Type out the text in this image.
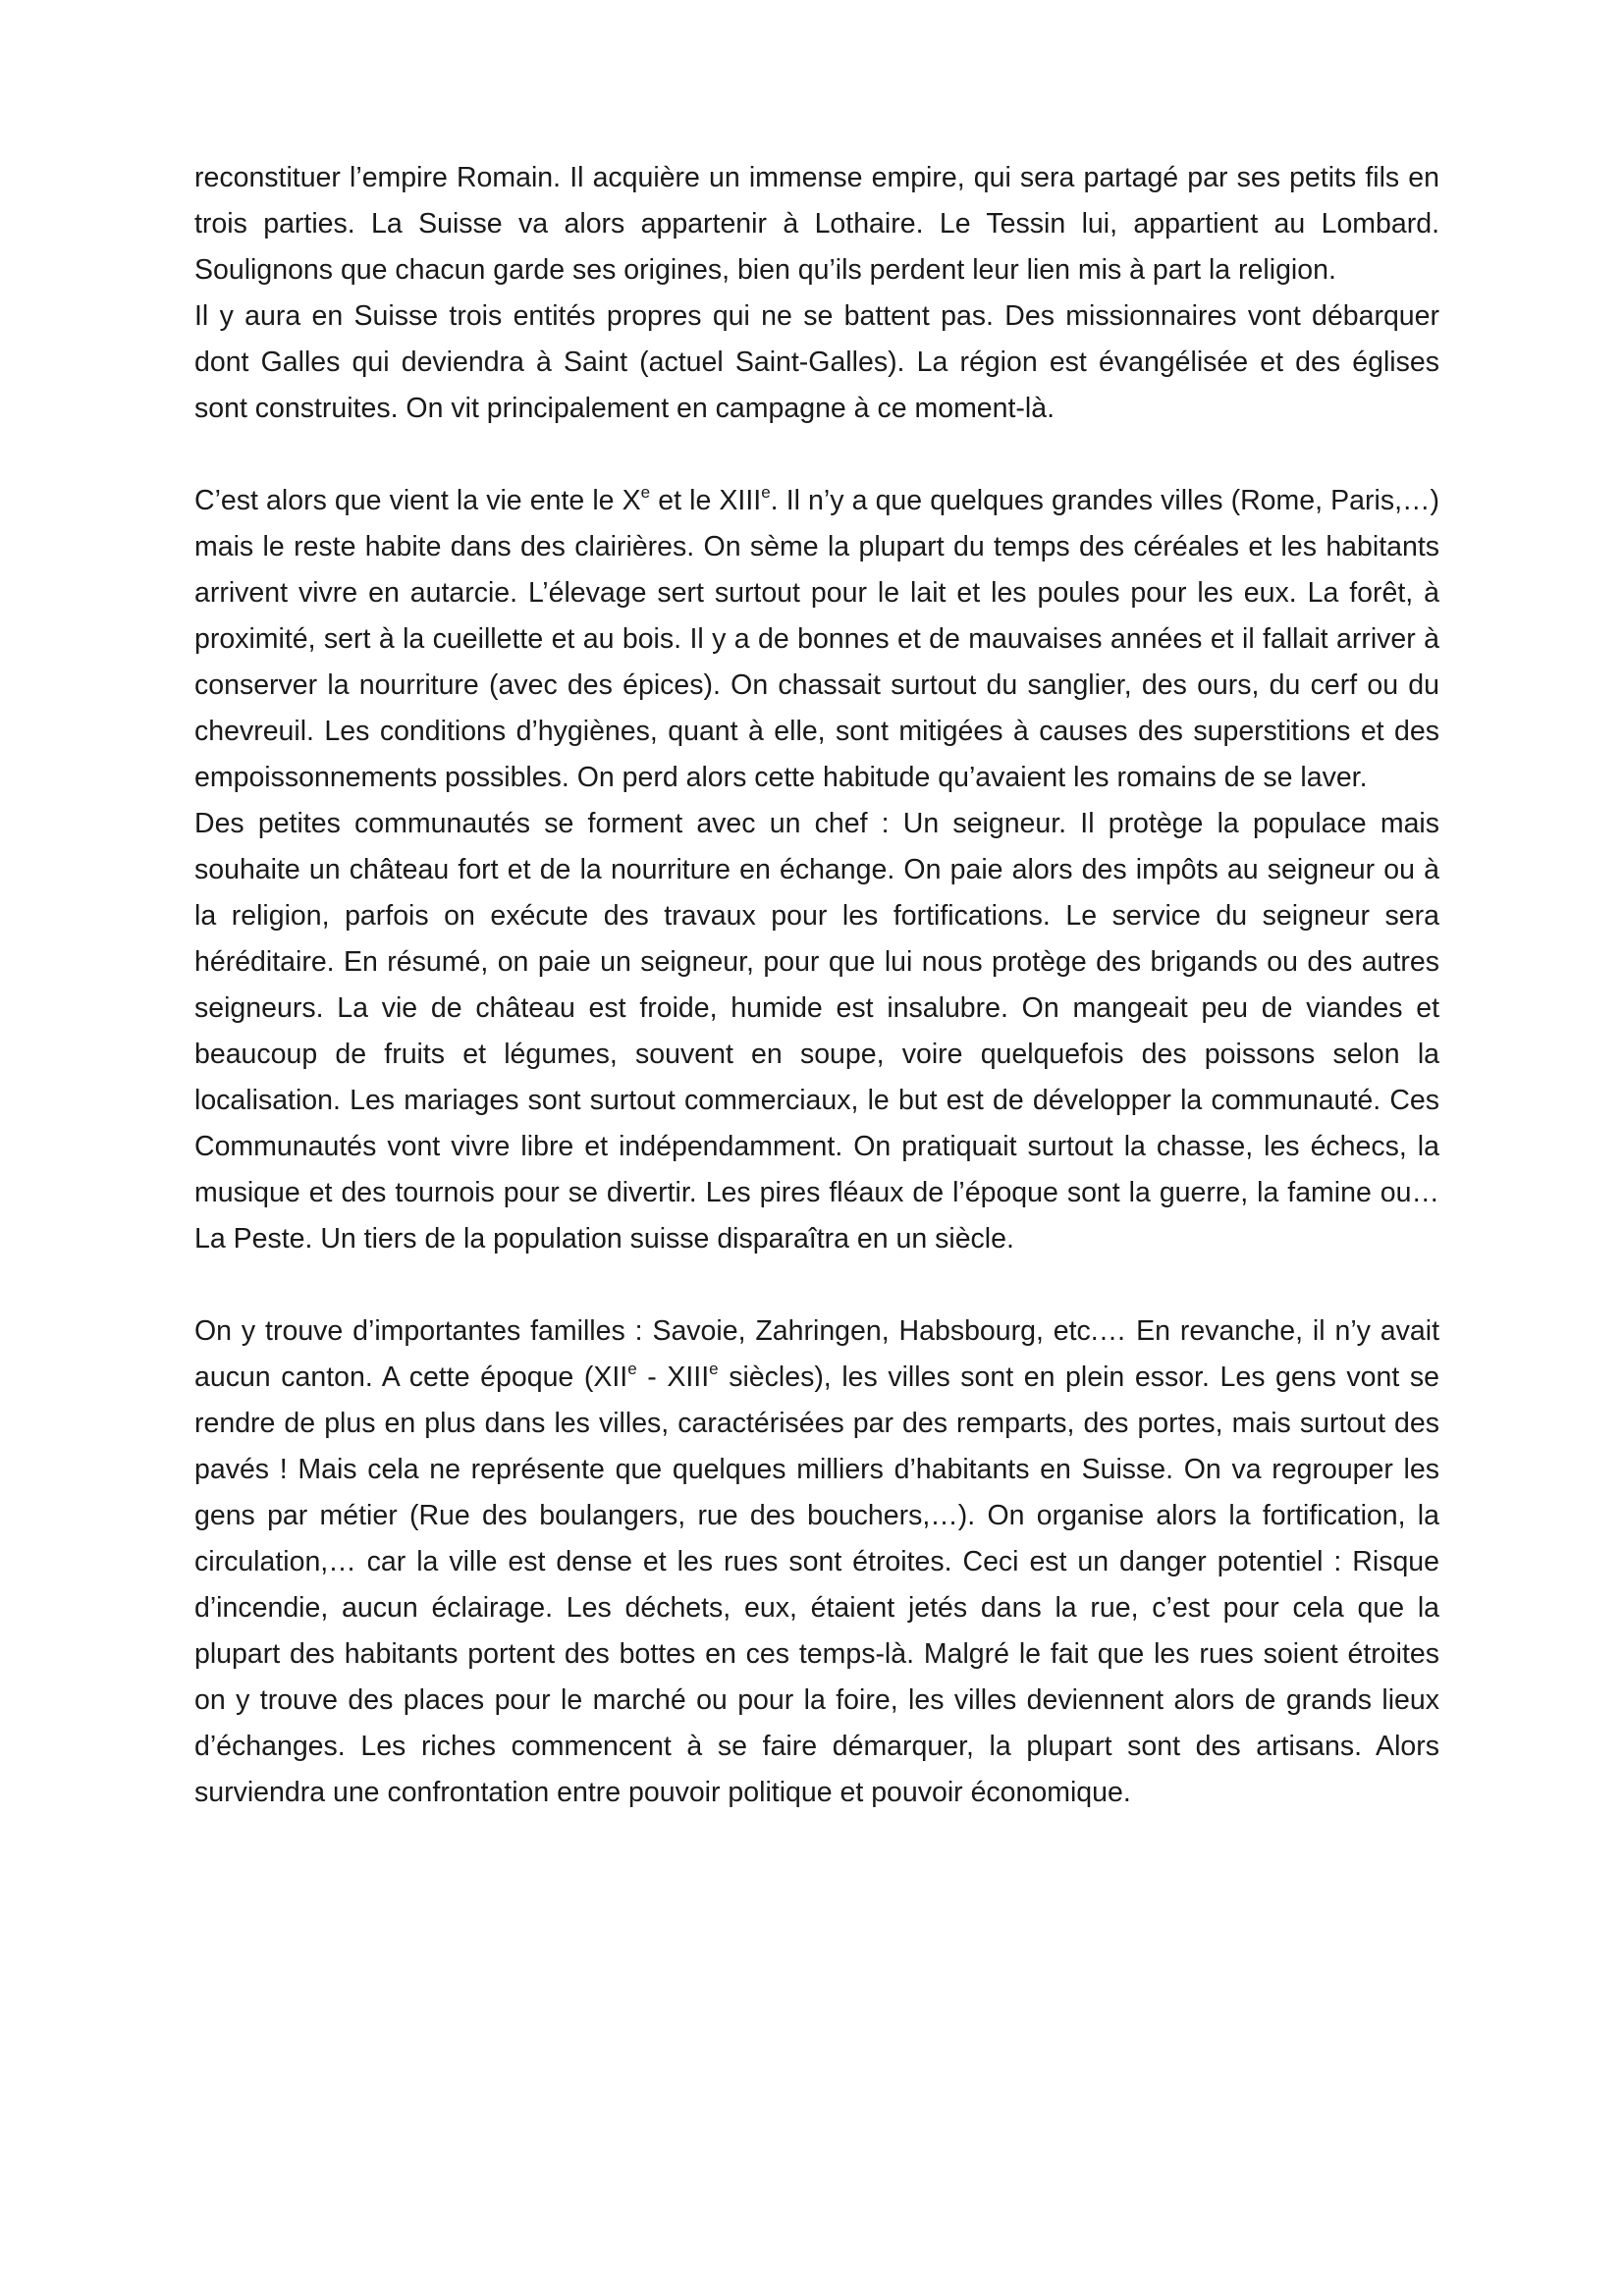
reconstituer l’empire Romain. Il acquière un immense empire, qui sera partagé par ses petits fils en trois parties. La Suisse va alors appartenir à Lothaire. Le Tessin lui, appartient au Lombard. Soulignons que chacun garde ses origines, bien qu’ils perdent leur lien mis à part la religion.

Il y aura en Suisse trois entités propres qui ne se battent pas. Des missionnaires vont débarquer dont Galles qui deviendra à Saint (actuel Saint-Galles). La région est évangélisée et des églises sont construites. On vit principalement en campagne à ce moment-là.

C’est alors que vient la vie ente le Xe et le XIIIe. Il n’y a que quelques grandes villes (Rome, Paris,…) mais le reste habite dans des clairières. On sème la plupart du temps des céréales et les habitants arrivent vivre en autarcie. L’élevage sert surtout pour le lait et les poules pour les eux. La forêt, à proximité, sert à la cueillette et au bois. Il y a de bonnes et de mauvaises années et il fallait arriver à conserver la nourriture (avec des épices). On chassait surtout du sanglier, des ours, du cerf ou du chevreuil. Les conditions d’hygiènes, quant à elle, sont mitigées à causes des superstitions et des empoissonnements possibles. On perd alors cette habitude qu’avaient les romains de se laver.

Des petites communautés se forment avec un chef : Un seigneur. Il protège la populace mais souhaite un château fort et de la nourriture en échange. On paie alors des impôts au seigneur ou à la religion, parfois on exécute des travaux pour les fortifications. Le service du seigneur sera héréditaire. En résumé, on paie un seigneur, pour que lui nous protège des brigands ou des autres seigneurs. La vie de château est froide, humide est insalubre. On mangeait peu de viandes et beaucoup de fruits et légumes, souvent en soupe, voire quelquefois des poissons selon la localisation. Les mariages sont surtout commerciaux, le but est de développer la communauté. Ces Communautés vont vivre libre et indépendamment. On pratiquait surtout la chasse, les échecs, la musique et des tournois pour se divertir. Les pires fléaux de l’époque sont la guerre, la famine ou… La Peste. Un tiers de la population suisse disparaîtra en un siècle.

On y trouve d’importantes familles : Savoie, Zahringen, Habsbourg, etc.… En revanche, il n’y avait aucun canton. A cette époque (XIIe - XIIIe siècles), les villes sont en plein essor. Les gens vont se rendre de plus en plus dans les villes, caractérisées par des remparts, des portes, mais surtout des pavés ! Mais cela ne représente que quelques milliers d’habitants en Suisse. On va regrouper les gens par métier (Rue des boulangers, rue des bouchers,…). On organise alors la fortification, la circulation,… car la ville est dense et les rues sont étroites. Ceci est un danger potentiel : Risque d’incendie, aucun éclairage. Les déchets, eux, étaient jetés dans la rue, c’est pour cela que la plupart des habitants portent des bottes en ces temps-là. Malgré le fait que les rues soient étroites on y trouve des places pour le marché ou pour la foire, les villes deviennent alors de grands lieux d’échanges. Les riches commencent à se faire démarquer, la plupart sont des artisans. Alors surviendra une confrontation entre pouvoir politique et pouvoir économique.
